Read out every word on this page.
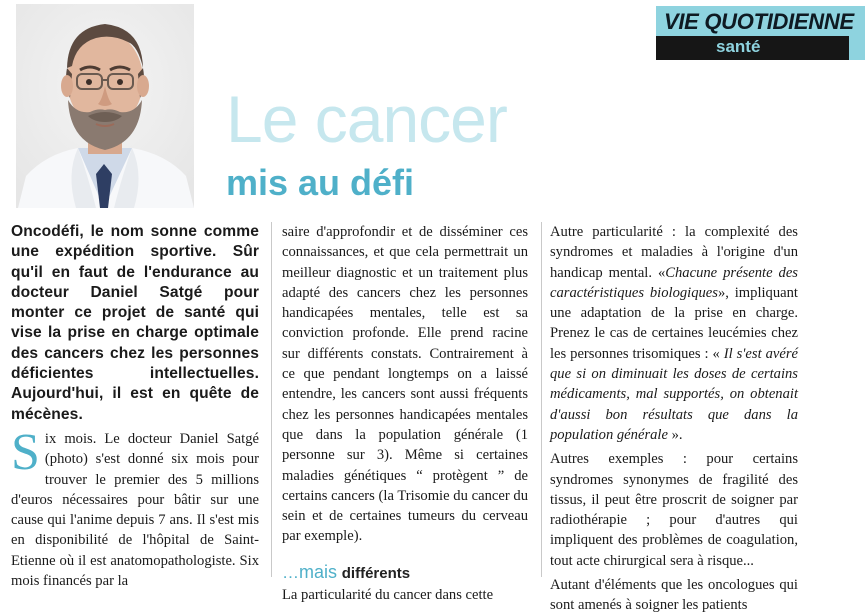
VIE QUOTIDIENNE
santé
Le cancer
mis au défi

Oncodéfi, le nom sonne comme une expédition sportive. Sûr qu'il en faut de l'endurance au docteur Daniel Satgé pour monter ce projet de santé qui vise la prise en charge optimale des cancers chez les personnes déficientes intellectuelles. Aujourd'hui, il est en quête de mécènes.

Six mois. Le docteur Daniel Satgé (photo) s'est donné six mois pour trouver le premier des 5 millions d'euros nécessaires pour bâtir sur une cause qui l'anime depuis 7 ans. Il s'est mis en disponibilité de l'hôpital de Saint-Etienne où il est anatomopathologiste. Six mois financés par la

saire d'approfondir et de disséminer ces connaissances, et que cela permettrait un meilleur diagnostic et un traitement plus adapté des cancers chez les personnes handicapées mentales, telle est sa conviction profonde. Elle prend racine sur différents constats. Contrairement à ce que pendant longtemps on a laissé entendre, les cancers sont aussi fréquents chez les personnes handicapées mentales que dans la population générale (1 personne sur 3). Même si certaines maladies génétiques “ protègent ” de certains cancers (la Trisomie du cancer du sein et de certaines tumeurs du cerveau par exemple).

…mais différents

La particularité du cancer dans cette

Autre particularité : la complexité des syndromes et maladies à l'origine d'un handicap mental. «Chacune présente des caractéristiques biologiques», impliquant une adaptation de la prise en charge. Prenez le cas de certaines leucémies chez les personnes trisomiques : « Il s'est avéré que si on diminuait les doses de certains médicaments, mal supportés, on obtenait d'aussi bon résultats que dans la population générale ».

Autres exemples : pour certains syndromes synonymes de fragilité des tissus, il peut être proscrit de soigner par radiothérapie ; pour d'autres qui impliquent des problèmes de coagulation, tout acte chirurgical sera à risque...

Autant d'éléments que les oncologues qui sont amenés à soigner les patients
